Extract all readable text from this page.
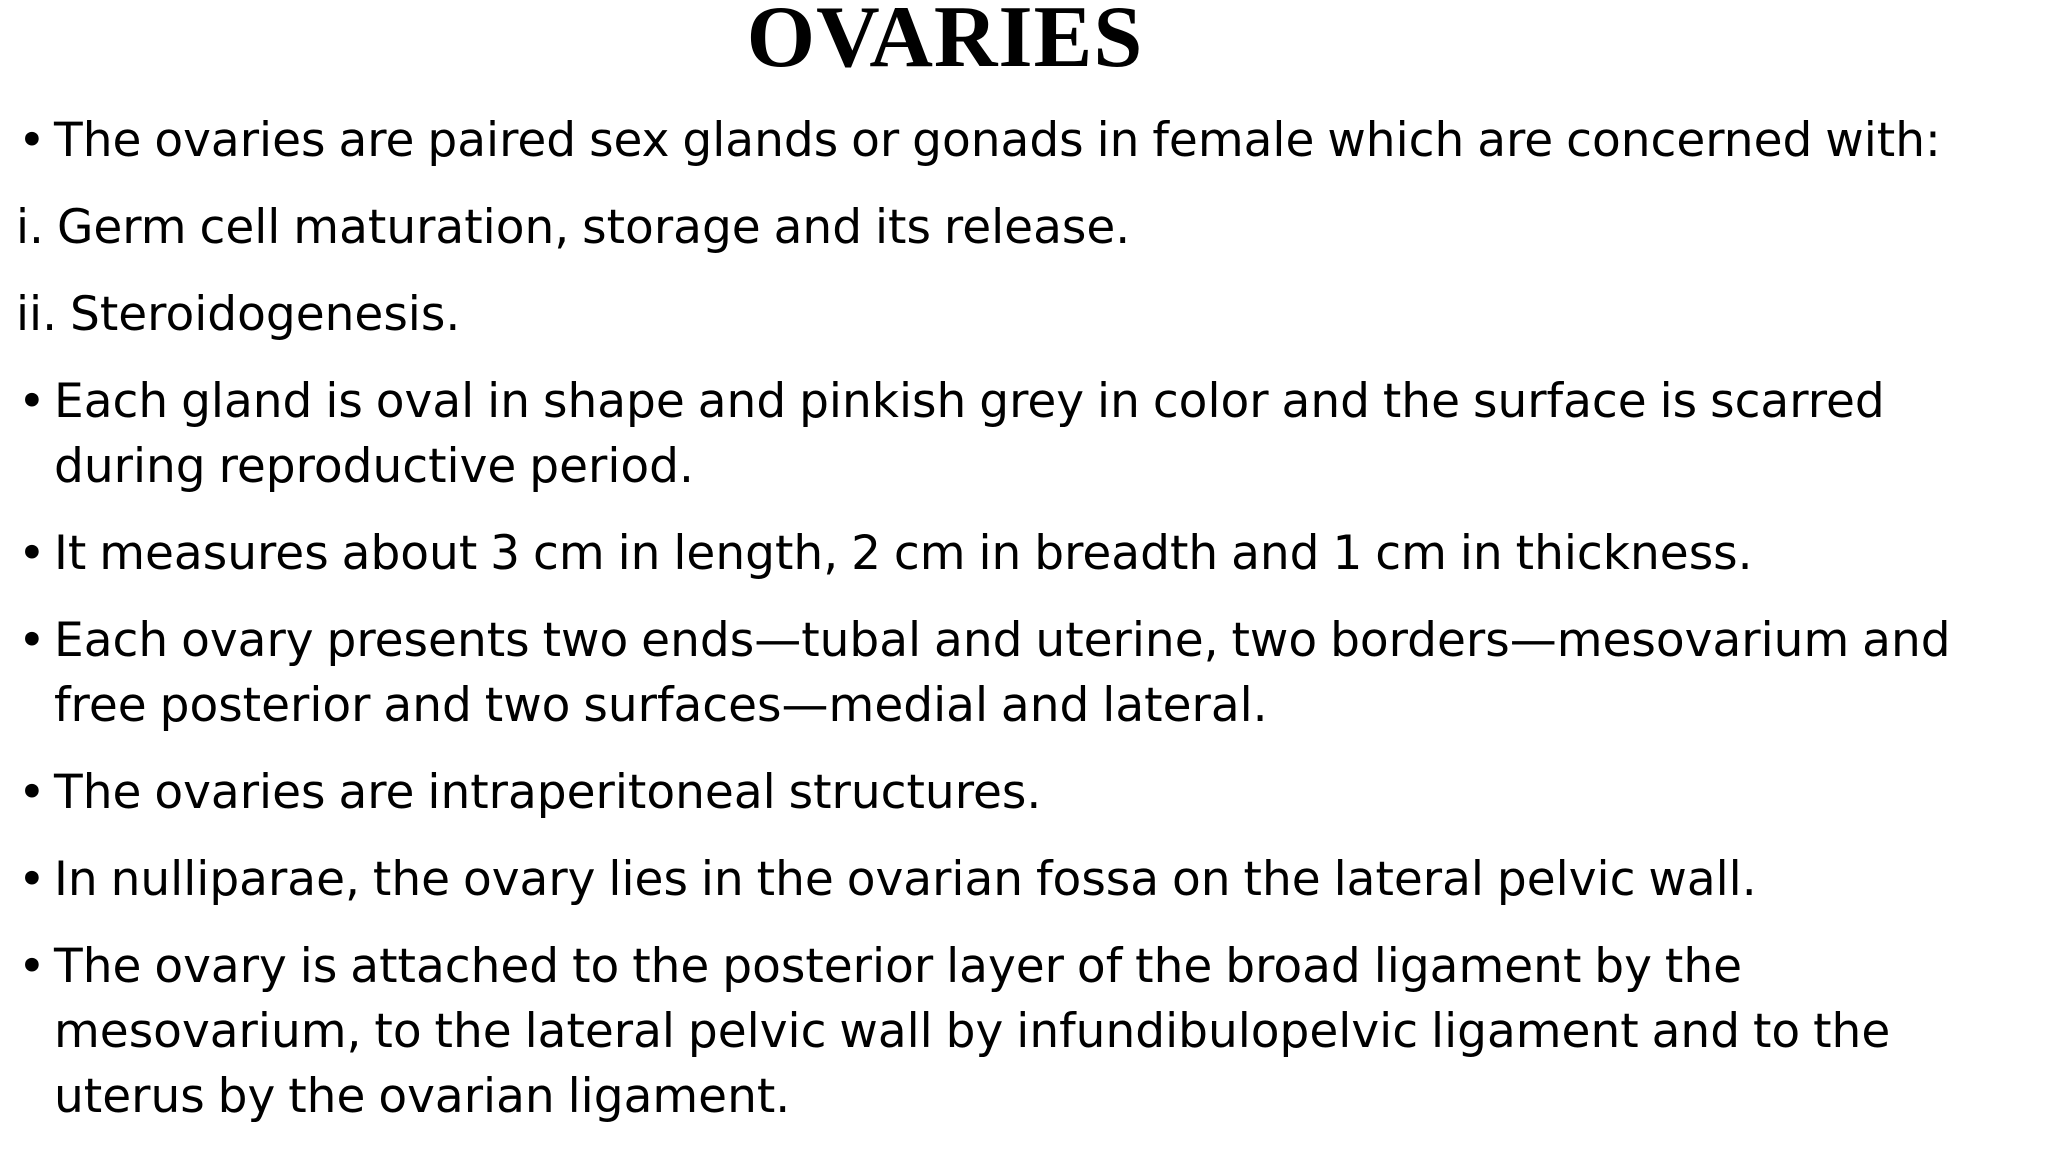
OVARIES
• The ovaries are paired sex glands or gonads in female which are concerned with:
i. Germ cell maturation, storage and its release.
ii. Steroidogenesis.
• Each gland is oval in shape and pinkish grey in color and the surface is scarred
during reproductive period.
• It measures about 3 cm in length, 2 cm in breadth and 1 cm in thickness.
• Each ovary presents two ends—tubal and uterine, two borders—mesovarium and
free posterior and two surfaces—medial and lateral.
• The ovaries are intraperitoneal structures.
• In nulliparae, the ovary lies in the ovarian fossa on the lateral pelvic wall.
• The ovary is attached to the posterior layer of the broad ligament by the
mesovarium, to the lateral pelvic wall by infundibulopelvic ligament and to the
uterus by the ovarian ligament.
